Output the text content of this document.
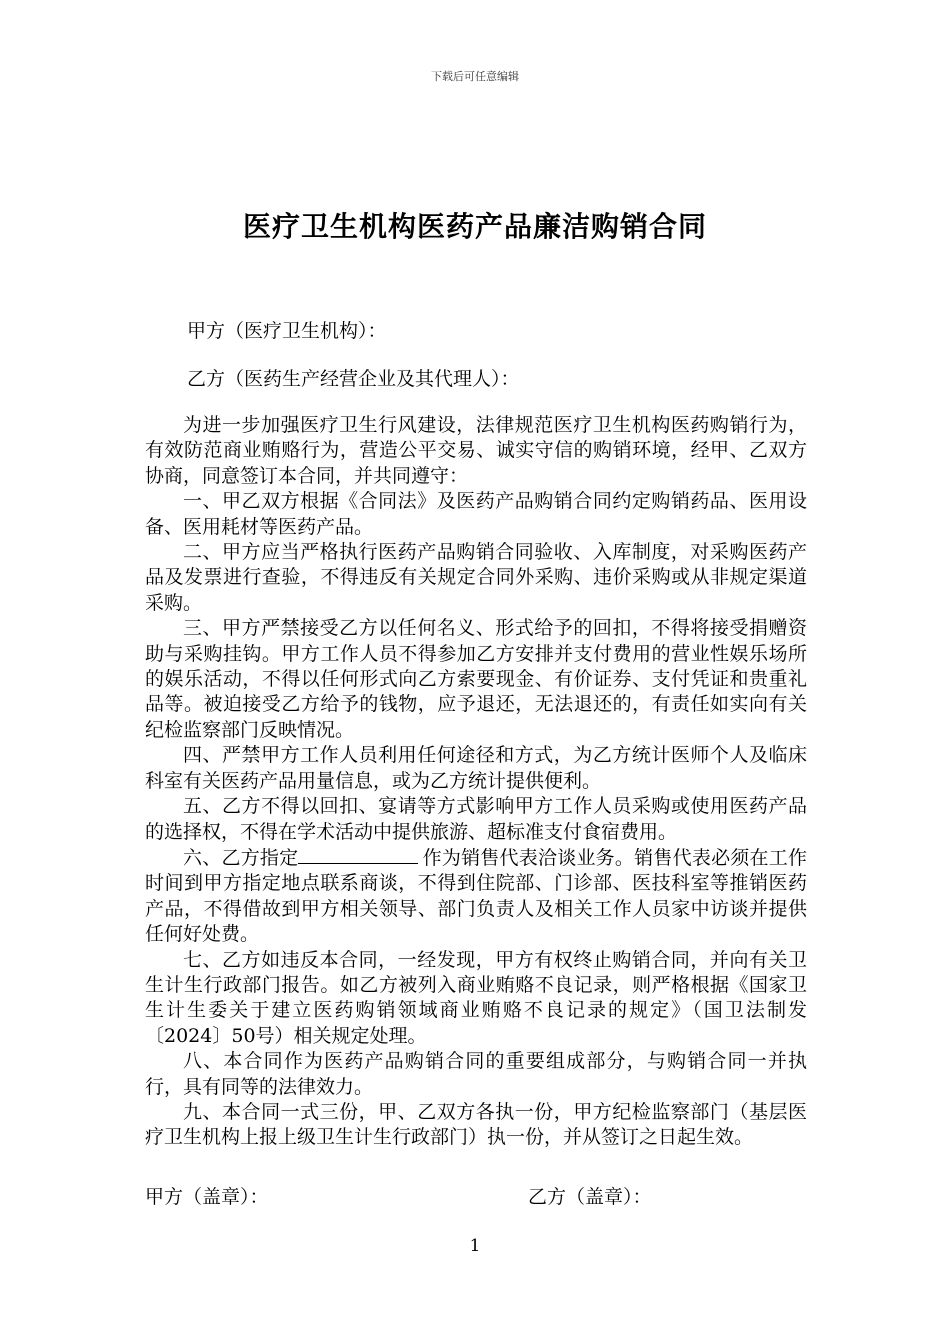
下载后可任意编辑
医疗卫生机构医药产品廉洁购销合同
甲方（医疗卫生机构）：
乙方（医药生产经营企业及其代理人）：

为进一步加强医疗卫生行风建设，法律规范医疗卫生机构医药购销行为，有效防范商业贿赂行为，营造公平交易、诚实守信的购销环境，经甲、乙双方协商，同意签订本合同，并共同遵守：

一、甲乙双方根据《合同法》及医药产品购销合同约定购销药品、医用设备、医用耗材等医药产品。

二、甲方应当严格执行医药产品购销合同验收、入库制度，对采购医药产品及发票进行查验，不得违反有关规定合同外采购、违价采购或从非规定渠道采购。

三、甲方严禁接受乙方以任何名义、形式给予的回扣，不得将接受捐赠资助与采购挂钩。甲方工作人员不得参加乙方安排并支付费用的营业性娱乐场所的娱乐活动，不得以任何形式向乙方索要现金、有价证券、支付凭证和贵重礼品等。被迫接受乙方给予的钱物，应予退还，无法退还的，有责任如实向有关纪检监察部门反映情况。

四、严禁甲方工作人员利用任何途径和方式，为乙方统计医师个人及临床科室有关医药产品用量信息，或为乙方统计提供便利。

五、乙方不得以回扣、宴请等方式影响甲方工作人员采购或使用医药产品的选择权，不得在学术活动中提供旅游、超标准支付食宿费用。

六、乙方指定	作为销售代表洽谈业务。销售代表必须在工作时间到甲方指定地点联系商谈，不得到住院部、门诊部、医技科室等推销医药产品，不得借故到甲方相关领导、部门负责人及相关工作人员家中访谈并提供任何好处费。

七、乙方如违反本合同，一经发现，甲方有权终止购销合同，并向有关卫生计生行政部门报告。如乙方被列入商业贿赂不良记录，则严格根据《国家卫生计生委关于建立医药购销领域商业贿赂不良记录的规定》（国卫法制发〔2024〕50号）相关规定处理。

八、本合同作为医药产品购销合同的重要组成部分，与购销合同一并执行，具有同等的法律效力。

九、本合同一式三份，甲、乙双方各执一份，甲方纪检监察部门（基层医疗卫生机构上报上级卫生计生行政部门）执一份，并从签订之日起生效。

甲方（盖章）：	乙方（盖章）：
1
